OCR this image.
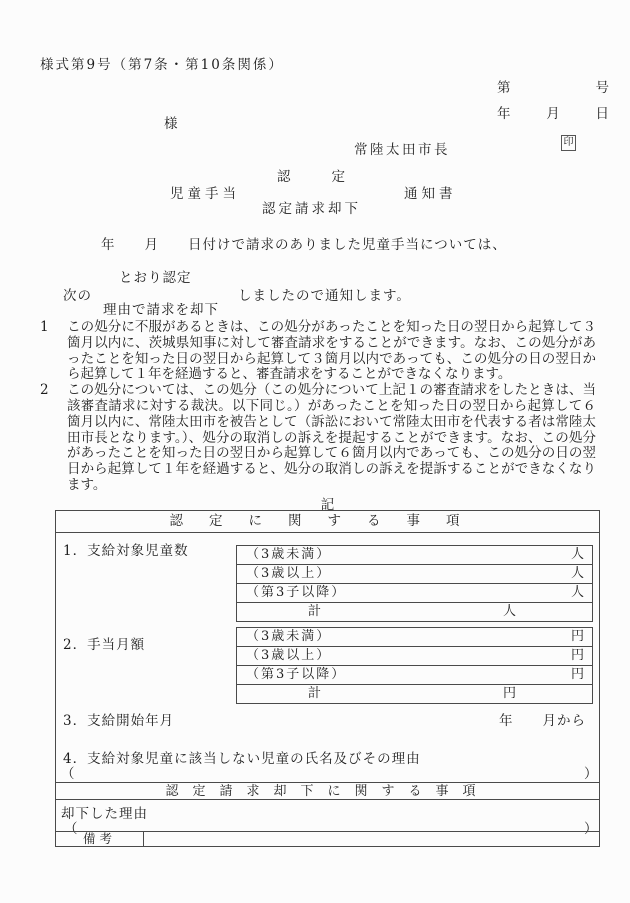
様式第9号（第7条・第10条関係）
第	号
年	月	日
様
常陸太田市長	印
認定
児童手当	通知書
認定請求却下
年　　月　　日付けで請求のありました児童手当については、
次の
とおり認定
理由で請求を却下
しましたので通知します。

1 この処分に不服があるときは、この処分があったことを知った日の翌日から起算して３箇月以内に、茨城県知事に対して審査請求をすることができます。なお、この処分があったことを知った日の翌日から起算して３箇月以内であっても、この処分の日の翌日から起算して１年を経過すると、審査請求をすることができなくなります。

2 この処分については、この処分（この処分について上記１の審査請求をしたときは、当該審査請求に対する裁決。以下同じ。）があったことを知った日の翌日から起算して６箇月以内に、常陸太田市を被告として（訴訟において常陸太田市を代表する者は常陸太田市長となります。）、処分の取消しの訴えを提起することができます。なお、この処分があったことを知った日の翌日から起算して６箇月以内であっても、この処分の日の翌日から起算して１年を経過すると、処分の取消しの訴えを提訴することができなくなります。

記
認定に関する事項
1．支給対象児童数	（3歳未満）	人
（3歳以上）	人
（第3子以降）	人
計	人
2．手当月額
（3歳未満）	円
（3歳以上）	円
（第3子以降）	円
計	円
3．支給開始年月	年　　月から
4．支給対象児童に該当しない児童の氏名及びその理由
（	）
認定請求却下に関する事項
却下した理由
（	）
備考
